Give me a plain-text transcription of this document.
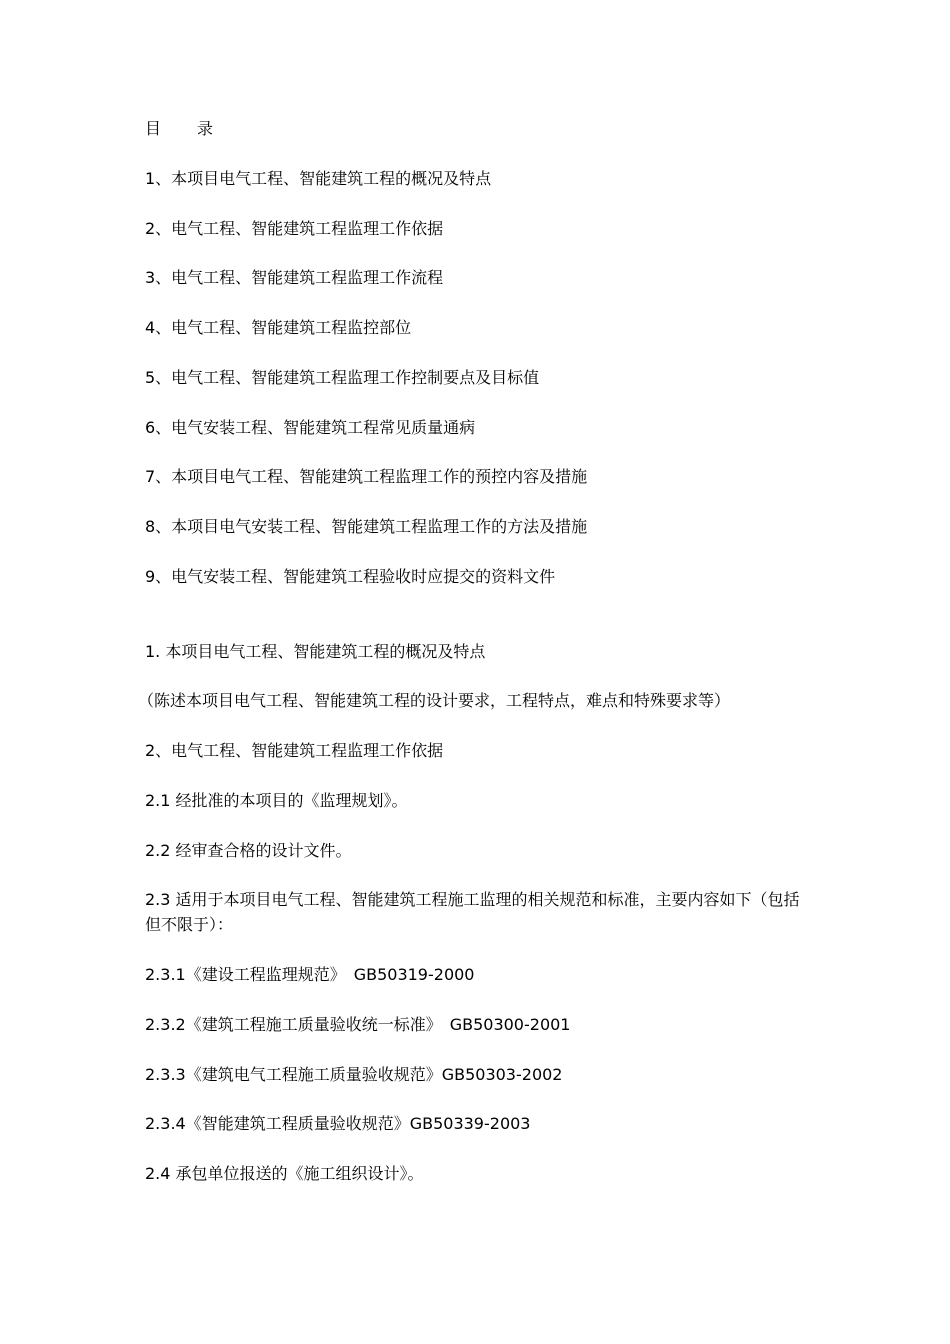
目 录
1、本项目电气工程、智能建筑工程的概况及特点
2、电气工程、智能建筑工程监理工作依据
3、电气工程、智能建筑工程监理工作流程
4、电气工程、智能建筑工程监控部位
5、电气工程、智能建筑工程监理工作控制要点及目标值
6、电气安装工程、智能建筑工程常见质量通病
7、本项目电气工程、智能建筑工程监理工作的预控内容及措施
8、本项目电气安装工程、智能建筑工程监理工作的方法及措施
9、电气安装工程、智能建筑工程验收时应提交的资料文件
1. 本项目电气工程、智能建筑工程的概况及特点
（陈述本项目电气工程、智能建筑工程的设计要求，工程特点，难点和特殊要求等）
2、电气工程、智能建筑工程监理工作依据
2.1 经批准的本项目的《监理规划》。
2.2 经审查合格的设计文件。
2.3 适用于本项目电气工程、智能建筑工程施工监理的相关规范和标准，主要内容如下（包括但不限于）：
2.3.1《建设工程监理规范》　GB50319-2000
2.3.2《建筑工程施工质量验收统一标准》　GB50300-2001
2.3.3《建筑电气工程施工质量验收规范》GB50303-2002
2.3.4《智能建筑工程质量验收规范》GB50339-2003
2.4 承包单位报送的《施工组织设计》。
